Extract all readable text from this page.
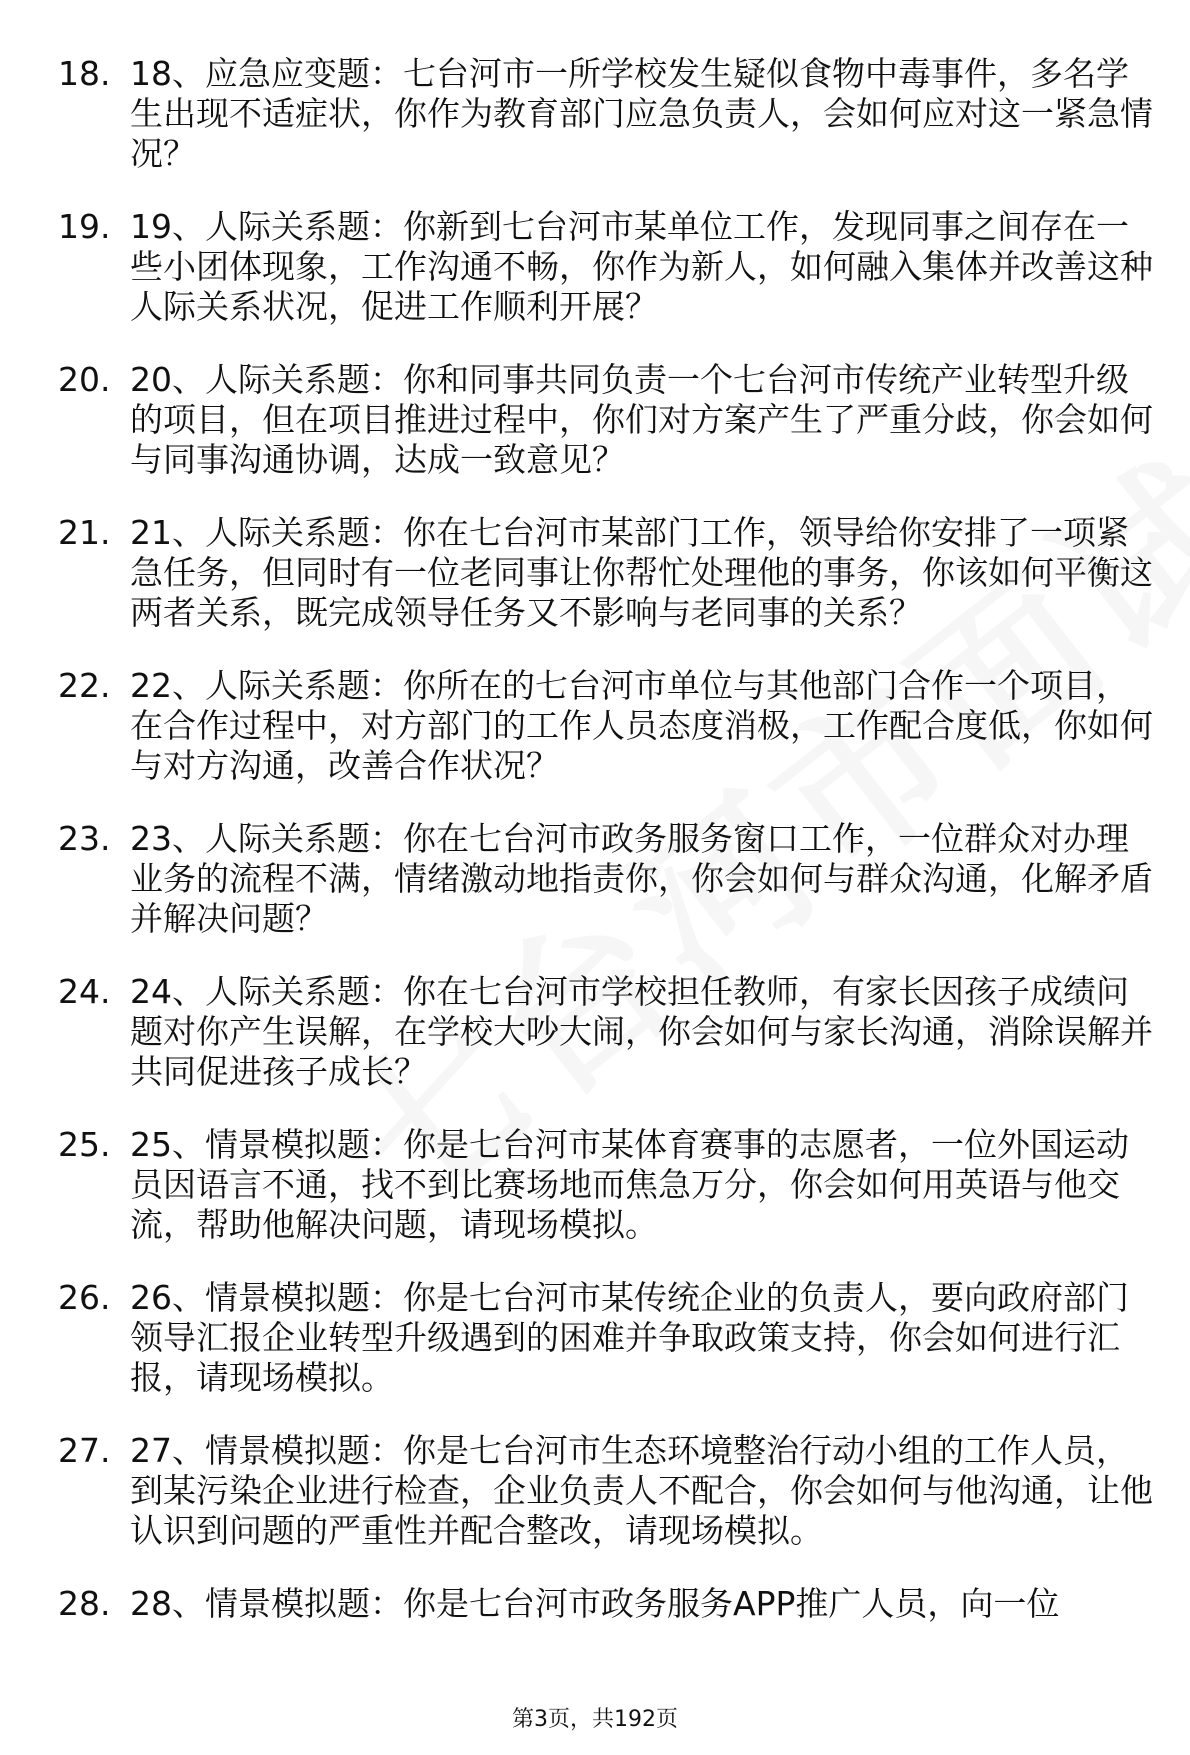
18. 18、应急应变题：七台河市一所学校发生疑似食物中毒事件，多名学生出现不适症状，你作为教育部门应急负责人，会如何应对这一紧急情况？
19. 19、人际关系题：你新到七台河市某单位工作，发现同事之间存在一些小团体现象，工作沟通不畅，你作为新人，如何融入集体并改善这种人际关系状况，促进工作顺利开展？
20. 20、人际关系题：你和同事共同负责一个七台河市传统产业转型升级的项目，但在项目推进过程中，你们对方案产生了严重分歧，你会如何与同事沟通协调，达成一致意见？
21. 21、人际关系题：你在七台河市某部门工作，领导给你安排了一项紧急任务，但同时有一位老同事让你帮忙处理他的事务，你该如何平衡这两者关系，既完成领导任务又不影响与老同事的关系？
22. 22、人际关系题：你所在的七台河市单位与其他部门合作一个项目，在合作过程中，对方部门的工作人员态度消极，工作配合度低，你如何与对方沟通，改善合作状况？
23. 23、人际关系题：你在七台河市政务服务窗口工作，一位群众对办理业务的流程不满，情绪激动地指责你，你会如何与群众沟通，化解矛盾并解决问题？
24. 24、人际关系题：你在七台河市学校担任教师，有家长因孩子成绩问题对你产生误解，在学校大吵大闹，你会如何与家长沟通，消除误解并共同促进孩子成长？
25. 25、情景模拟题：你是七台河市某体育赛事的志愿者，一位外国运动员因语言不通，找不到比赛场地而焦急万分，你会如何用英语与他交流，帮助他解决问题，请现场模拟。
26. 26、情景模拟题：你是七台河市某传统企业的负责人，要向政府部门领导汇报企业转型升级遇到的困难并争取政策支持，你会如何进行汇报，请现场模拟。
27. 27、情景模拟题：你是七台河市生态环境整治行动小组的工作人员，到某污染企业进行检查，企业负责人不配合，你会如何与他沟通，让他认识到问题的严重性并配合整改，请现场模拟。
28. 28、情景模拟题：你是七台河市政务服务APP推广人员，向一位
第3页，共192页
